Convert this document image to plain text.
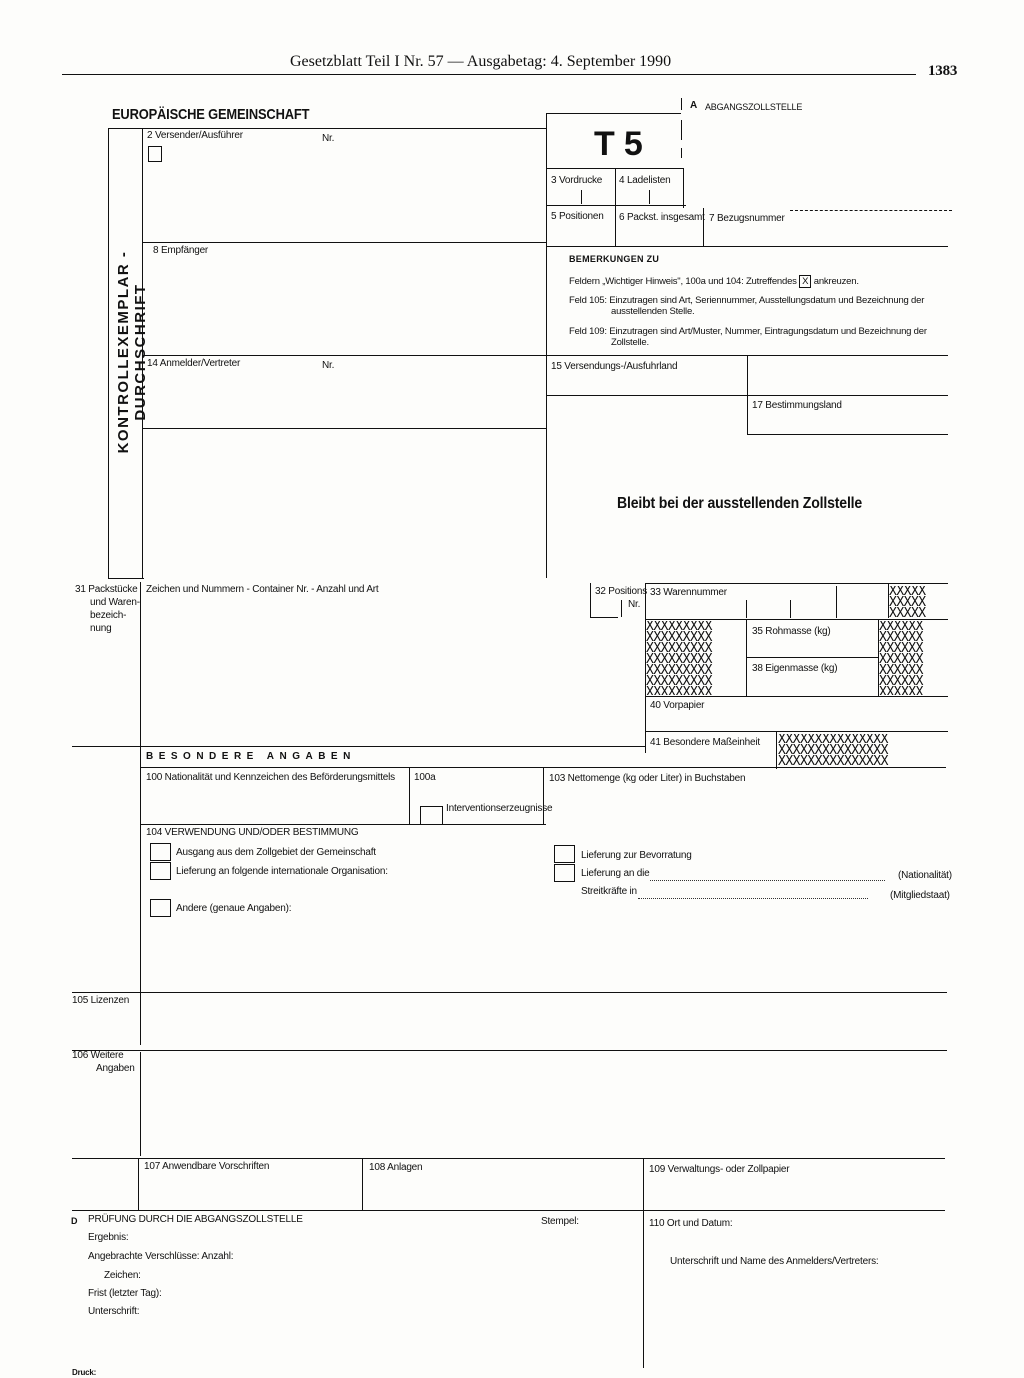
Gesetzblatt Teil I Nr. 57 — Ausgabetag: 4. September 1990
1383
EUROPÄISCHE GEMEINSCHAFT
KONTROLLEXEMPLAR - DURCHSCHRIFT
2 Versender/Ausführer	Nr.	T 5
3 Vordrucke 4 Ladelisten
5 Positionen 6 Packst. insgesamt 7 Bezugsnummer
A ABGANGSZOLLSTELLE
8 Empfänger
BEMERKUNGEN ZU
Feldern „Wichtiger Hinweis", 100a und 104: Zutreffendes X ankreuzen.
Feld 105: Einzutragen sind Art, Seriennummer, Ausstellungsdatum und Bezeichnung der
ausstellenden Stelle.
Feld 109: Einzutragen sind Art/Muster, Nummer, Eintragungsdatum und Bezeichnung der
Zollstelle.
14 Anmelder/Vertreter	Nr.	15 Versendungs-/Ausfuhrland
17 Bestimmungsland
Bleibt bei der ausstellenden Zollstelle
31 Packstücke
und Waren-
bezeich-
nung
Zeichen und Nummern - Container Nr. - Anzahl und Art	32 Positions
Nr.
33 Warennummer	XXXXX
XXXXX
XXXXX
XXXXXXXXX
XXXXXXXXX
XXXXXXXXX
XXXXXXXXX
XXXXXXXXX
XXXXXXXXX
XXXXXXXXX
XXXXXX
XXXXXX
XXXXXX
XXXXXX
XXXXXX
XXXXXX
XXXXXX
XXXXXXXXXXXXXXX
XXXXXXXXXXXXXXX
XXXXXXXXXXXXXXX
35 Rohmasse (kg)
38 Eigenmasse (kg)
40 Vorpapier
41 Besondere Maßeinheit
BESONDERE ANGABEN
100 Nationalität und Kennzeichen des Beförderungsmittels 100a
Interventionserzeugnisse
103 Nettomenge (kg oder Liter) in Buchstaben
104 VERWENDUNG UND/ODER BESTIMMUNG
Ausgang aus dem Zollgebiet der Gemeinschaft
Lieferung an folgende internationale Organisation:
Andere (genaue Angaben):
Lieferung zur Bevorratung
Lieferung an die	(Nationalität)
Streitkräfte in	(Mitgliedstaat)
105 Lizenzen
106 Weitere
Angaben
107 Anwendbare Vorschriften	108 Anlagen	109 Verwaltungs- oder Zollpapier
D PRÜFUNG DURCH DIE ABGANGSZOLLSTELLE	Stempel:
Ergebnis:
Angebrachte Verschlüsse: Anzahl:
Zeichen:
Frist (letzter Tag):
Unterschrift:
110 Ort und Datum:
Unterschrift und Name des Anmelders/Vertreters:
Druck:
